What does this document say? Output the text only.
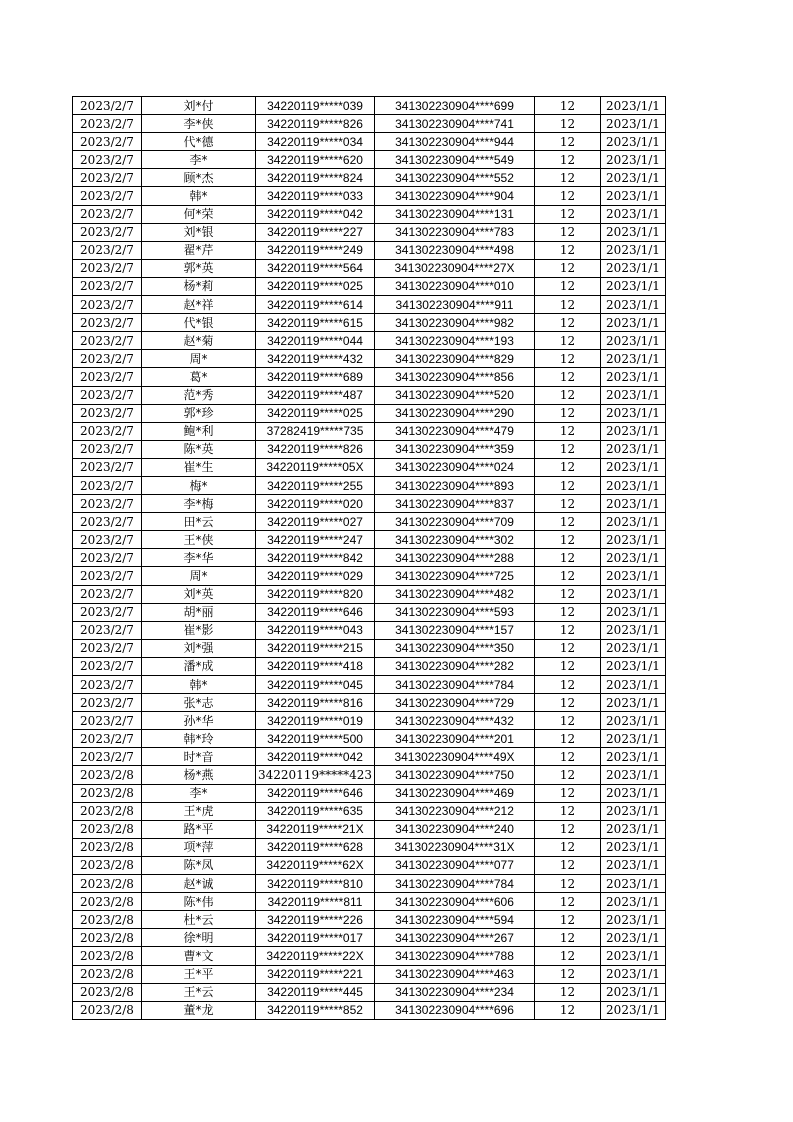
2023/2/7	刘*付	34220119*****039	341302230904****699	12	2023/1/1
2023/2/7	李*侠	34220119*****826	341302230904****741	12	2023/1/1
2023/2/7	代*德	34220119*****034	341302230904****944	12	2023/1/1
2023/2/7	李*	34220119*****620	341302230904****549	12	2023/1/1
2023/2/7	顾*杰	34220119*****824	341302230904****552	12	2023/1/1
2023/2/7	韩*	34220119*****033	341302230904****904	12	2023/1/1
2023/2/7	何*荣	34220119*****042	341302230904****131	12	2023/1/1
2023/2/7	刘*银	34220119*****227	341302230904****783	12	2023/1/1
2023/2/7	翟*芹	34220119*****249	341302230904****498	12	2023/1/1
2023/2/7	郭*英	34220119*****564	341302230904****27X	12	2023/1/1
2023/2/7	杨*莉	34220119*****025	341302230904****010	12	2023/1/1
2023/2/7	赵*祥	34220119*****614	341302230904****911	12	2023/1/1
2023/2/7	代*银	34220119*****615	341302230904****982	12	2023/1/1
2023/2/7	赵*菊	34220119*****044	341302230904****193	12	2023/1/1
2023/2/7	周*	34220119*****432	341302230904****829	12	2023/1/1
2023/2/7	葛*	34220119*****689	341302230904****856	12	2023/1/1
2023/2/7	范*秀	34220119*****487	341302230904****520	12	2023/1/1
2023/2/7	郭*珍	34220119*****025	341302230904****290	12	2023/1/1
2023/2/7	鲍*利	37282419*****735	341302230904****479	12	2023/1/1
2023/2/7	陈*英	34220119*****826	341302230904****359	12	2023/1/1
2023/2/7	崔*生	34220119*****05X	341302230904****024	12	2023/1/1
2023/2/7	梅*	34220119*****255	341302230904****893	12	2023/1/1
2023/2/7	李*梅	34220119*****020	341302230904****837	12	2023/1/1
2023/2/7	田*云	34220119*****027	341302230904****709	12	2023/1/1
2023/2/7	王*侠	34220119*****247	341302230904****302	12	2023/1/1
2023/2/7	李*华	34220119*****842	341302230904****288	12	2023/1/1
2023/2/7	周*	34220119*****029	341302230904****725	12	2023/1/1
2023/2/7	刘*英	34220119*****820	341302230904****482	12	2023/1/1
2023/2/7	胡*丽	34220119*****646	341302230904****593	12	2023/1/1
2023/2/7	崔*影	34220119*****043	341302230904****157	12	2023/1/1
2023/2/7	刘*强	34220119*****215	341302230904****350	12	2023/1/1
2023/2/7	潘*成	34220119*****418	341302230904****282	12	2023/1/1
2023/2/7	韩*	34220119*****045	341302230904****784	12	2023/1/1
2023/2/7	张*志	34220119*****816	341302230904****729	12	2023/1/1
2023/2/7	孙*华	34220119*****019	341302230904****432	12	2023/1/1
2023/2/7	韩*玲	34220119*****500	341302230904****201	12	2023/1/1
2023/2/7	时*音	34220119*****042	341302230904****49X	12	2023/1/1
2023/2/8	杨*燕	34220119*****423	341302230904****750	12	2023/1/1
2023/2/8	李*	34220119*****646	341302230904****469	12	2023/1/1
2023/2/8	王*虎	34220119*****635	341302230904****212	12	2023/1/1
2023/2/8	路*平	34220119*****21X	341302230904****240	12	2023/1/1
2023/2/8	项*萍	34220119*****628	341302230904****31X	12	2023/1/1
2023/2/8	陈*凤	34220119*****62X	341302230904****077	12	2023/1/1
2023/2/8	赵*诚	34220119*****810	341302230904****784	12	2023/1/1
2023/2/8	陈*伟	34220119*****811	341302230904****606	12	2023/1/1
2023/2/8	杜*云	34220119*****226	341302230904****594	12	2023/1/1
2023/2/8	徐*明	34220119*****017	341302230904****267	12	2023/1/1
2023/2/8	曹*文	34220119*****22X	341302230904****788	12	2023/1/1
2023/2/8	王*平	34220119*****221	341302230904****463	12	2023/1/1
2023/2/8	王*云	34220119*****445	341302230904****234	12	2023/1/1
2023/2/8	董*龙	34220119*****852	341302230904****696	12	2023/1/1
